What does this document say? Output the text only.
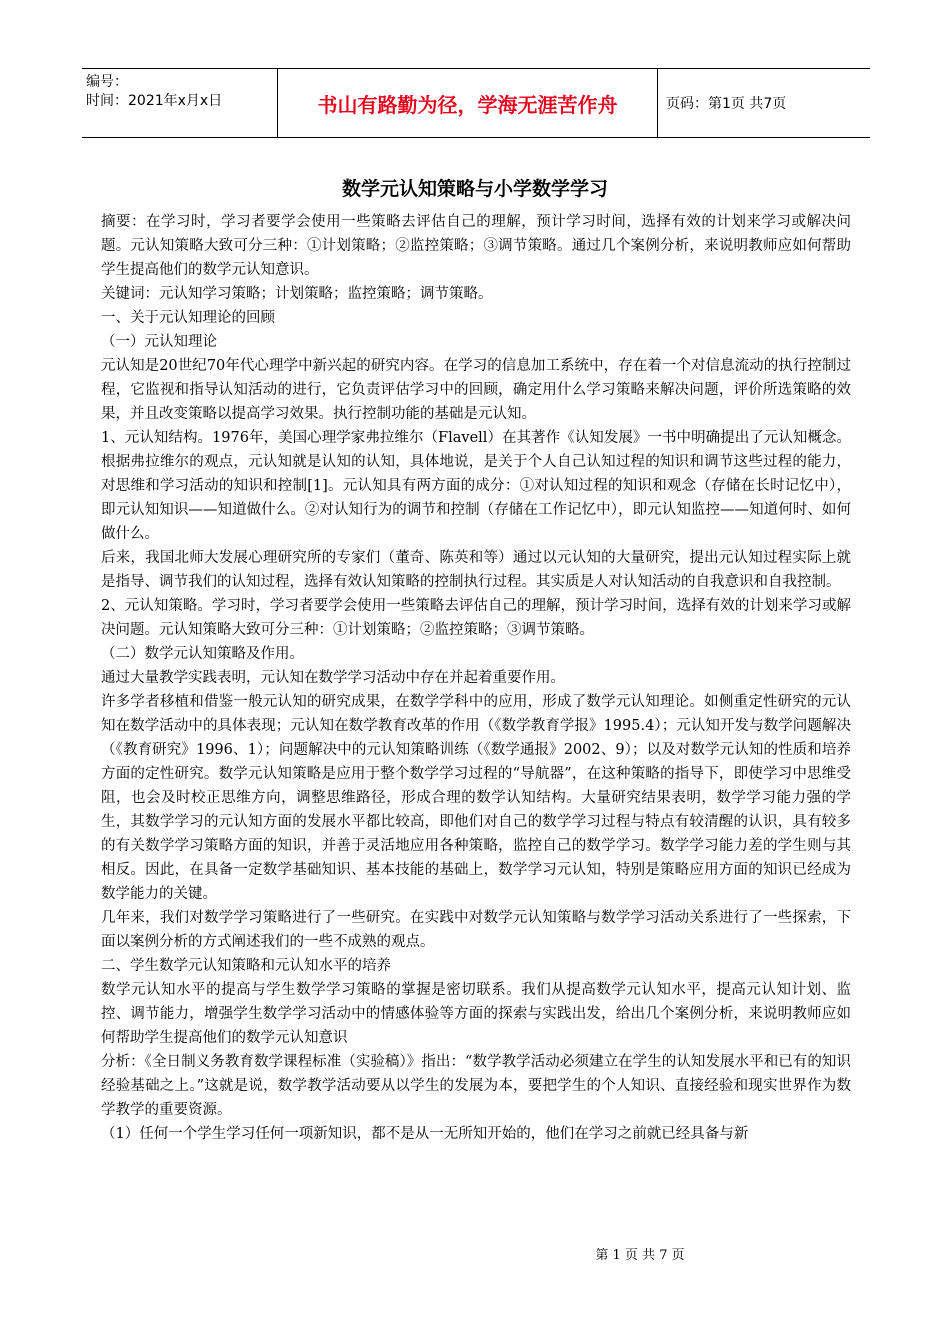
编号：
时间：2021年x月x日	书山有路勤为径，学海无涯苦作舟	页码：第1页 共7页
数学元认知策略与小学数学学习

摘要：在学习时，学习者要学会使用一些策略去评估自己的理解，预计学习时间，选择有效的计划来学习或解决问题。元认知策略大致可分三种：①计划策略；②监控策略；③调节策略。通过几个案例分析，来说明教师应如何帮助学生提高他们的数学元认知意识。

关键词：元认知学习策略；计划策略；监控策略；调节策略。

一、关于元认知理论的回顾

（一）元认知理论

元认知是20世纪70年代心理学中新兴起的研究内容。在学习的信息加工系统中，存在着一个对信息流动的执行控制过程，它监视和指导认知活动的进行，它负责评估学习中的回顾，确定用什么学习策略来解决问题，评价所选策略的效果，并且改变策略以提高学习效果。执行控制功能的基础是元认知。

1、元认知结构。1976年，美国心理学家弗拉维尔（Flavell）在其著作《认知发展》一书中明确提出了元认知概念。根据弗拉维尔的观点，元认知就是认知的认知，具体地说，是关于个人自己认知过程的知识和调节这些过程的能力，对思维和学习活动的知识和控制[1]。元认知具有两方面的成分：①对认知过程的知识和观念（存储在长时记忆中），即元认知知识——知道做什么。②对认知行为的调节和控制（存储在工作记忆中），即元认知监控——知道何时、如何做什么。

后来，我国北师大发展心理研究所的专家们（董奇、陈英和等）通过以元认知的大量研究，提出元认知过程实际上就是指导、调节我们的认知过程，选择有效认知策略的控制执行过程。其实质是人对认知活动的自我意识和自我控制。

2、元认知策略。学习时，学习者要学会使用一些策略去评估自己的理解，预计学习时间，选择有效的计划来学习或解决问题。元认知策略大致可分三种：①计划策略；②监控策略；③调节策略。

（二）数学元认知策略及作用。

通过大量教学实践表明，元认知在数学学习活动中存在并起着重要作用。

许多学者移植和借鉴一般元认知的研究成果，在数学学科中的应用，形成了数学元认知理论。如侧重定性研究的元认知在数学活动中的具体表现；元认知在数学教育改革的作用（《数学教育学报》1995.4）；元认知开发与数学问题解决（《教育研究》1996、1）；问题解决中的元认知策略训练（《数学通报》2002、9）；以及对数学元认知的性质和培养方面的定性研究。数学元认知策略是应用于整个数学学习过程的“导航器”，在这种策略的指导下，即使学习中思维受阻，也会及时校正思维方向，调整思维路径，形成合理的数学认知结构。大量研究结果表明，数学学习能力强的学生，其数学学习的元认知方面的发展水平都比较高，即他们对自己的数学学习过程与特点有较清醒的认识，具有较多的有关数学学习策略方面的知识，并善于灵活地应用各种策略，监控自己的数学学习。数学学习能力差的学生则与其相反。因此，在具备一定数学基础知识、基本技能的基础上，数学学习元认知，特别是策略应用方面的知识已经成为数学能力的关键。

几年来，我们对数学学习策略进行了一些研究。在实践中对数学元认知策略与数学学习活动关系进行了一些探索，下面以案例分析的方式阐述我们的一些不成熟的观点。

二、学生数学元认知策略和元认知水平的培养

数学元认知水平的提高与学生数学学习策略的掌握是密切联系。我们从提高数学元认知水平，提高元认知计划、监控、调节能力，增强学生数学学习活动中的情感体验等方面的探索与实践出发，给出几个案例分析，来说明教师应如何帮助学生提高他们的数学元认知意识

分析：《全日制义务教育数学课程标准（实验稿）》指出：“数学教学活动必须建立在学生的认知发展水平和已有的知识经验基础之上。”这就是说，数学教学活动要从以学生的发展为本，要把学生的个人知识、直接经验和现实世界作为数学教学的重要资源。

（1）任何一个学生学习任何一项新知识，都不是从一无所知开始的，他们在学习之前就已经具备与新

第 1 页 共 7 页
